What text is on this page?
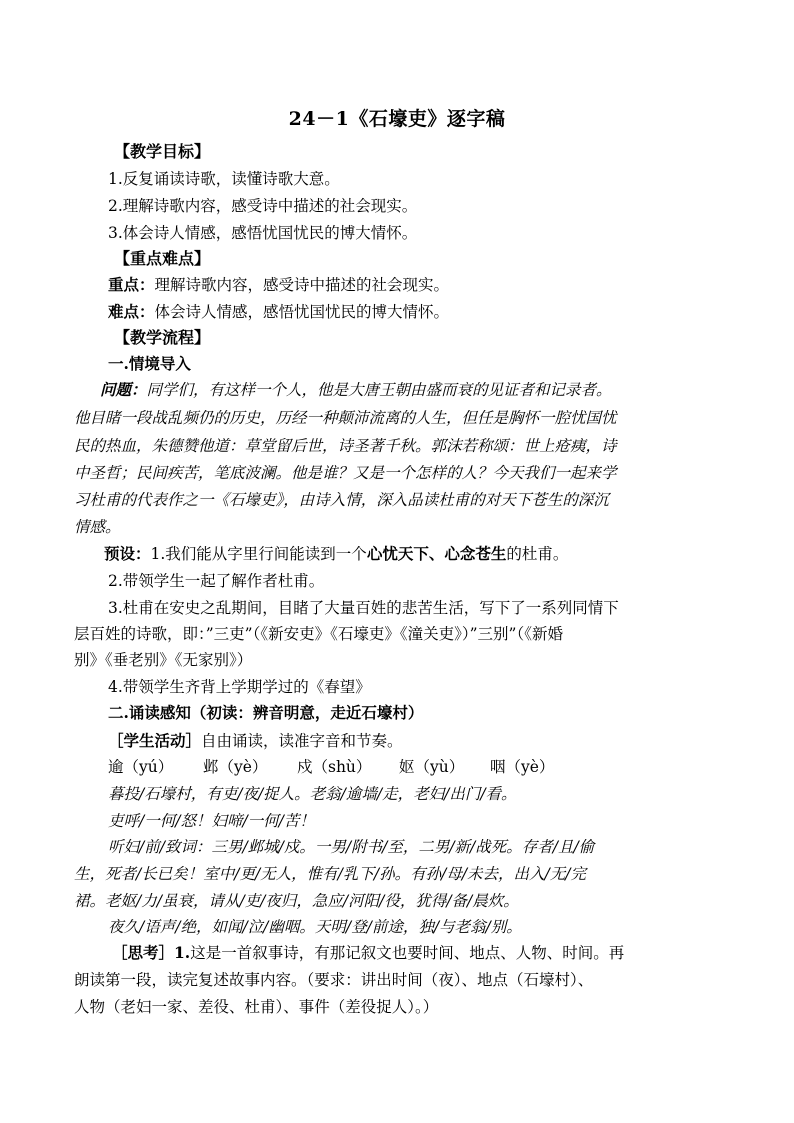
24－1《石壕吏》逐字稿
【教学目标】
1.反复诵读诗歌，读懂诗歌大意。
2.理解诗歌内容，感受诗中描述的社会现实。
3.体会诗人情感，感悟忧国忧民的博大情怀。
【重点难点】
重点：理解诗歌内容，感受诗中描述的社会现实。
难点：体会诗人情感，感悟忧国忧民的博大情怀。
【教学流程】
一.情境导入
问题：同学们，有这样一个人，他是大唐王朝由盛而衰的见证者和记录者。
他目睹一段战乱频仍的历史，历经一种颠沛流离的人生，但任是胸怀一腔忧国忧
民的热血，朱德赞他道：草堂留后世，诗圣著千秋。郭沫若称颂：世上疮痍，诗
中圣哲；民间疾苦，笔底波澜。他是谁？又是一个怎样的人？今天我们一起来学
习杜甫的代表作之一《石壕吏》，由诗入情，深入品读杜甫的对天下苍生的深沉
情感。
预设：1.我们能从字里行间能读到一个心忧天下、心念苍生的杜甫。
2.带领学生一起了解作者杜甫。
3.杜甫在安史之乱期间，目睹了大量百姓的悲苦生活，写下了一系列同情下
层百姓的诗歌，即：”三吏”（《新安吏》《石壕吏》《潼关吏》）”三别”（《新婚
别》《垂老别》《无家别》）
4.带领学生齐背上学期学过的《春望》
二.诵读感知（初读：辨音明意，走近石壕村）
［学生活动］自由诵读，读准字音和节奏。
逾（yú） 邺（yè） 戍（shù） 妪（yù） 咽（yè）
暮投/石壕村，有吏/夜/捉人。老翁/逾墙/走，老妇/出门/看。
吏呼/一何/怒！妇啼/一何/苦！
听妇/前/致词：三男/邺城/戍。一男/附书/至，二男/新/战死。存者/且/偷
生，死者/长已矣！室中/更/无人，惟有/乳下/孙。有孙/母/未去，出入/无/完
裙。老妪/力/虽衰，请从/吏/夜归，急应/河阳/役，犹得/备/晨炊。
夜久/语声/绝，如闻/泣/幽咽。天明/登/前途，独/与老翁/别。
［思考］1.这是一首叙事诗，有那记叙文也要时间、地点、人物、时间。再
朗读第一段，读完复述故事内容。（要求：讲出时间（夜）、地点（石壕村）、
人物（老妇一家、差役、杜甫）、事件（差役捉人）。）
